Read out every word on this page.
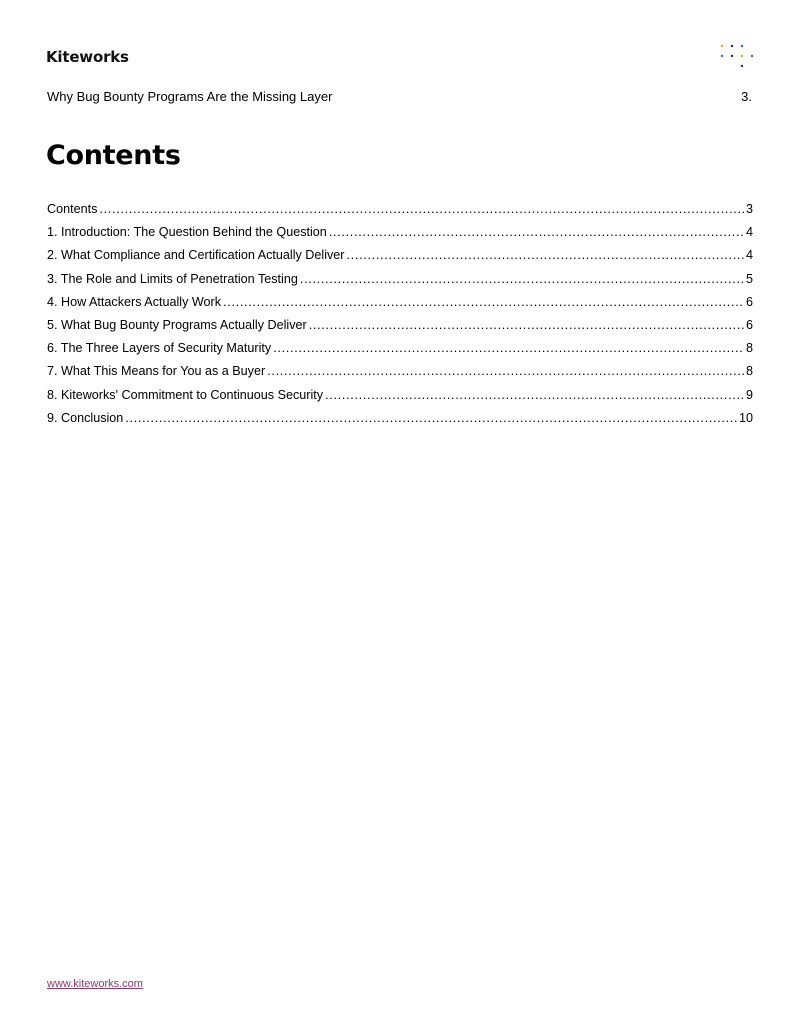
Kiteworks
Why Bug Bounty Programs Are the Missing Layer	3.
Contents
Contents . . .	3
1. Introduction: The Question Behind the Question . . .	4
2. What Compliance and Certification Actually Deliver . . .	4
3. The Role and Limits of Penetration Testing . . .	5
4. How Attackers Actually Work . . .	6
5. What Bug Bounty Programs Actually Deliver . . .	6
6. The Three Layers of Security Maturity . . .	8
7. What This Means for You as a Buyer . . .	8
8. Kiteworks' Commitment to Continuous Security . . .	9
9. Conclusion . . .	10
www.kiteworks.com
